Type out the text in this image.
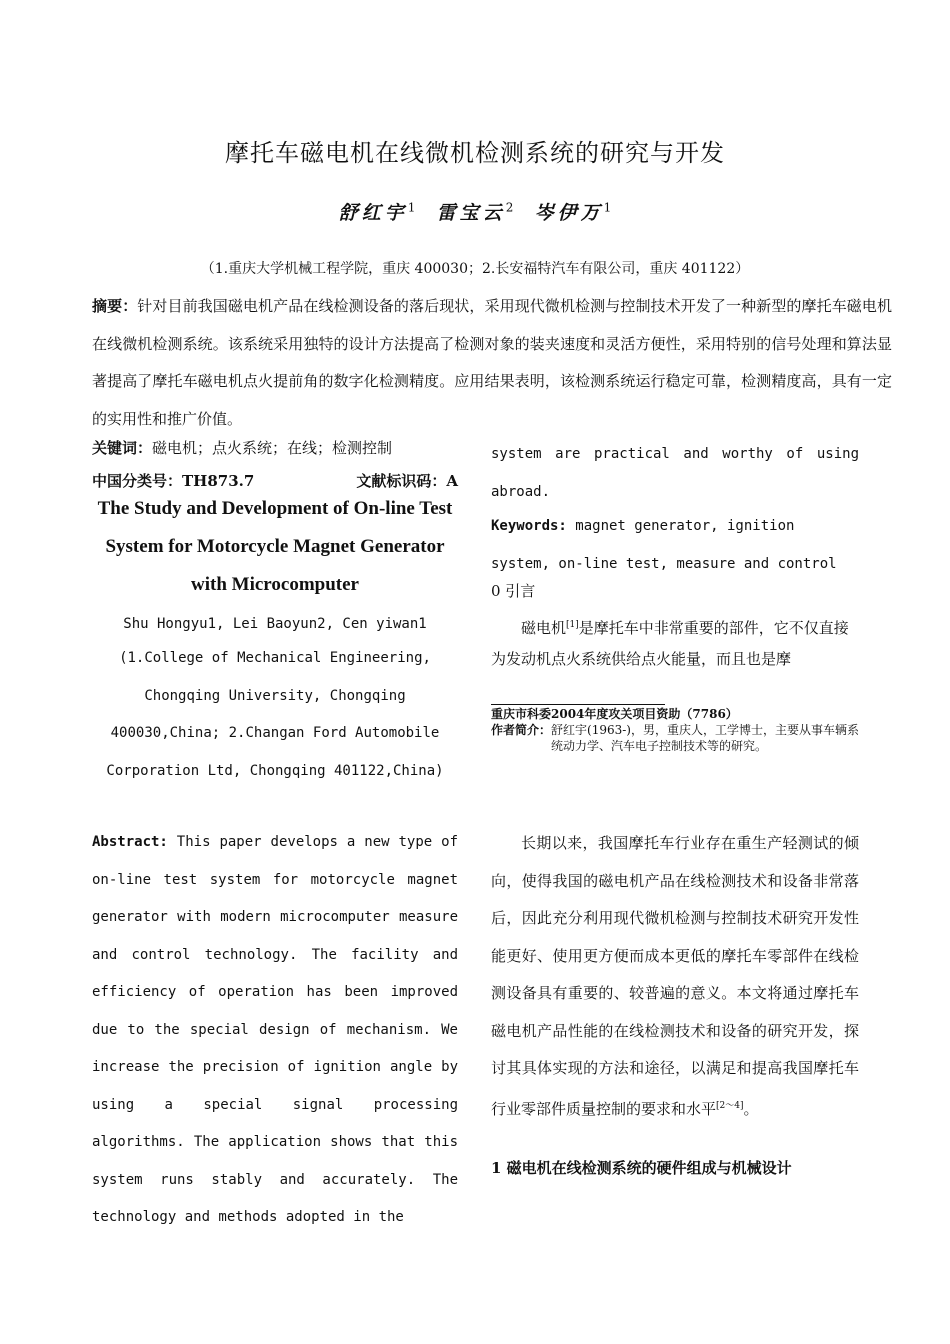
摩托车磁电机在线微机检测系统的研究与开发
舒红宇$^1$ 雷宝云$^2$ 岑伊万$^1$
（1.重庆大学机械工程学院，重庆 400030；2.长安福特汽车有限公司，重庆 401122）
摘要：针对目前我国磁电机产品在线检测设备的落后现状，采用现代微机检测与控制技术开发了一种新型的摩托车磁电机在线微机检测系统。该系统采用独特的设计方法提高了检测对象的装夹速度和灵活方便性，采用特别的信号处理和算法显著提高了摩托车磁电机点火提前角的数字化检测精度。应用结果表明，该检测系统运行稳定可靠，检测精度高，具有一定的实用性和推广价值。
关键词：磁电机；点火系统；在线；检测控制
中国分类号：TH873.7	文献标识码：A
The Study and Development of On-line Test System for Motorcycle Magnet Generator with Microcomputer
Shu Hongyu1, Lei Baoyun2, Cen yiwan1
(1.College of Mechanical Engineering, Chongqing University, Chongqing 400030,China; 2.Changan Ford Automobile Corporation Ltd, Chongqing 401122,China)
Abstract: This paper develops a new type of on-line test system for motorcycle magnet generator with modern microcomputer measure and control technology. The facility and efficiency of operation has been improved due to the special design of mechanism. We increase the precision of ignition angle by using a special signal processing algorithms. The application shows that this system runs stably and accurately. The technology and methods adopted in the
system are practical and worthy of using abroad.
Keywords: magnet generator, ignition system, on-line test, measure and control
0 引言
磁电机[1]是摩托车中非常重要的部件，它不仅直接为发动机点火系统供给点火能量，而且也是摩
重庆市科委2004年度攻关项目资助（7786）
作者简介： 舒红宇(1963-)，男，重庆人，工学博士，主要从事车辆系统动力学、汽车电子控制技术等的研究。
长期以来，我国摩托车行业存在重生产轻测试的倾向，使得我国的磁电机产品在线检测技术和设备非常落后，因此充分利用现代微机检测与控制技术研究开发性能更好、使用更方便而成本更低的摩托车零部件在线检测设备具有重要的、较普遍的意义。本文将通过摩托车磁电机产品性能的在线检测技术和设备的研究开发，探讨其具体实现的方法和途径，以满足和提高我国摩托车行业零部件质量控制的要求和水平[2～4]。
1 磁电机在线检测系统的硬件组成与机械设计
